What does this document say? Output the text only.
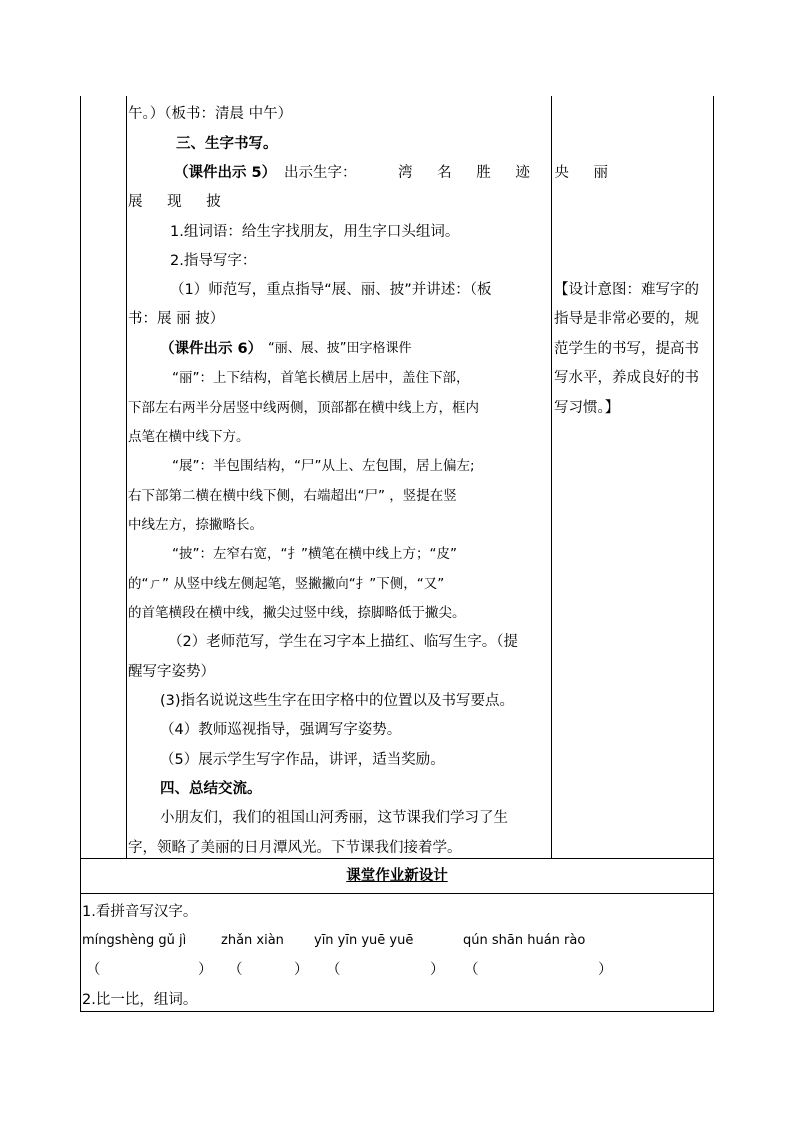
午。）（板书：清晨 中午）
三、生字书写。
（课件出示 5） 出示生字：	湾 名 胜 迹 央 丽
展 现 披
1.组词语：给生字找朋友，用生字口头组词。
2.指导写字：
（1）师范写，重点指导“展、丽、披”并讲述：（板
书：展 丽 披）
（课件出示 6） “丽、展、披”田字格课件
“丽”：上下结构，首笔长横居上居中，盖住下部，
下部左右两半分居竖中线两侧，顶部都在横中线上方，框内
点笔在横中线下方。
“展”：半包围结构，“尸”从上、左包围，居上偏左;
右下部第二横在横中线下侧，右端超出“尸” ，竖提在竖
中线左方，捺撇略长。
“披”：左窄右宽，“扌”横笔在横中线上方；“皮”
的“ㄏ” 从竖中线左侧起笔，竖撇撇向“扌”下侧，“又”
的首笔横段在横中线，撇尖过竖中线，捺脚略低于撇尖。
（2）老师范写，学生在习字本上描红、临写生字。（提
醒写字姿势）
(3)指名说说这些生字在田字格中的位置以及书写要点。
（4）教师巡视指导，强调写字姿势。
（5）展示学生写字作品，讲评，适当奖励。
四、总结交流。
小朋友们，我们的祖国山河秀丽，这节课我们学习了生
字，领略了美丽的日月潭风光。下节课我们接着学。
【设计意图：难写字的
指导是非常必要的，规
范学生的书写，提高书
写水平，养成良好的书
写习惯。】
课堂作业新设计
1.看拼音写汉字。
míngshèng gǔ jì	zhǎn xiàn yīn yīn yuē yuē	qún shān huán rào
（	） （	） （	） （	）
2.比一比，组词。
